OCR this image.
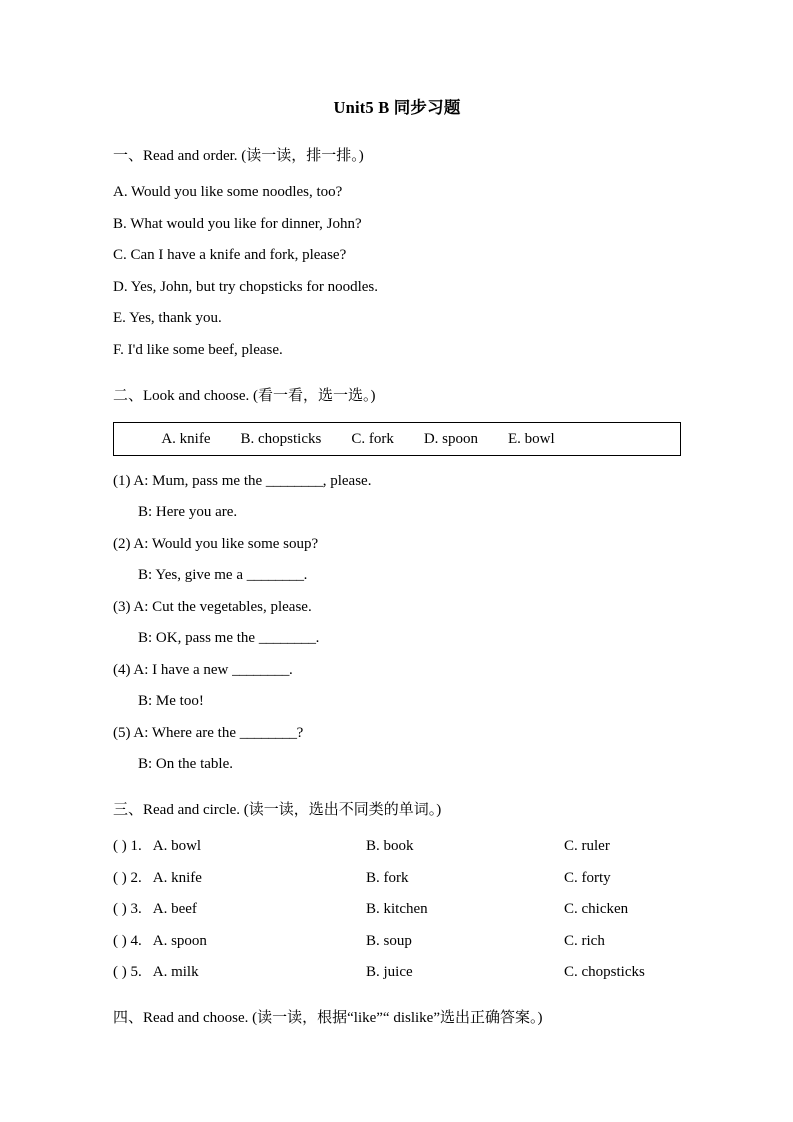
Unit5 B 同步习题
一、Read and order. (读一读，排一排。)
A. Would you like some noodles, too?
B. What would you like for dinner, John?
C. Can I have a knife and fork, please?
D. Yes, John, but try chopsticks for noodles.
E. Yes, thank you.
F. I'd like some beef, please.
二、Look and choose. (看一看，选一选。)
A. knife B. chopsticks C. fork D. spoon E. bowl
(1) A: Mum, pass me the ________, please.
B: Here you are.
(2) A: Would you like some soup?
B: Yes, give me a ________.
(3) A: Cut the vegetables, please.
B: OK, pass me the ________.
(4) A: I have a new ________.
B: Me too!
(5) A: Where are the ________?
B: On the table.
三、Read and circle. (读一读，选出不同类的单词。)
( ) 1. A. bowl	B. book	C. ruler
( ) 2. A. knife	B. fork	C. forty
( ) 3. A. beef	B. kitchen	C. chicken
( ) 4. A. spoon	B. soup	C. rich
( ) 5. A. milk	B. juice	C. chopsticks
四、Read and choose. (读一读，根据“like”“ dislike”选出正确答案。)
